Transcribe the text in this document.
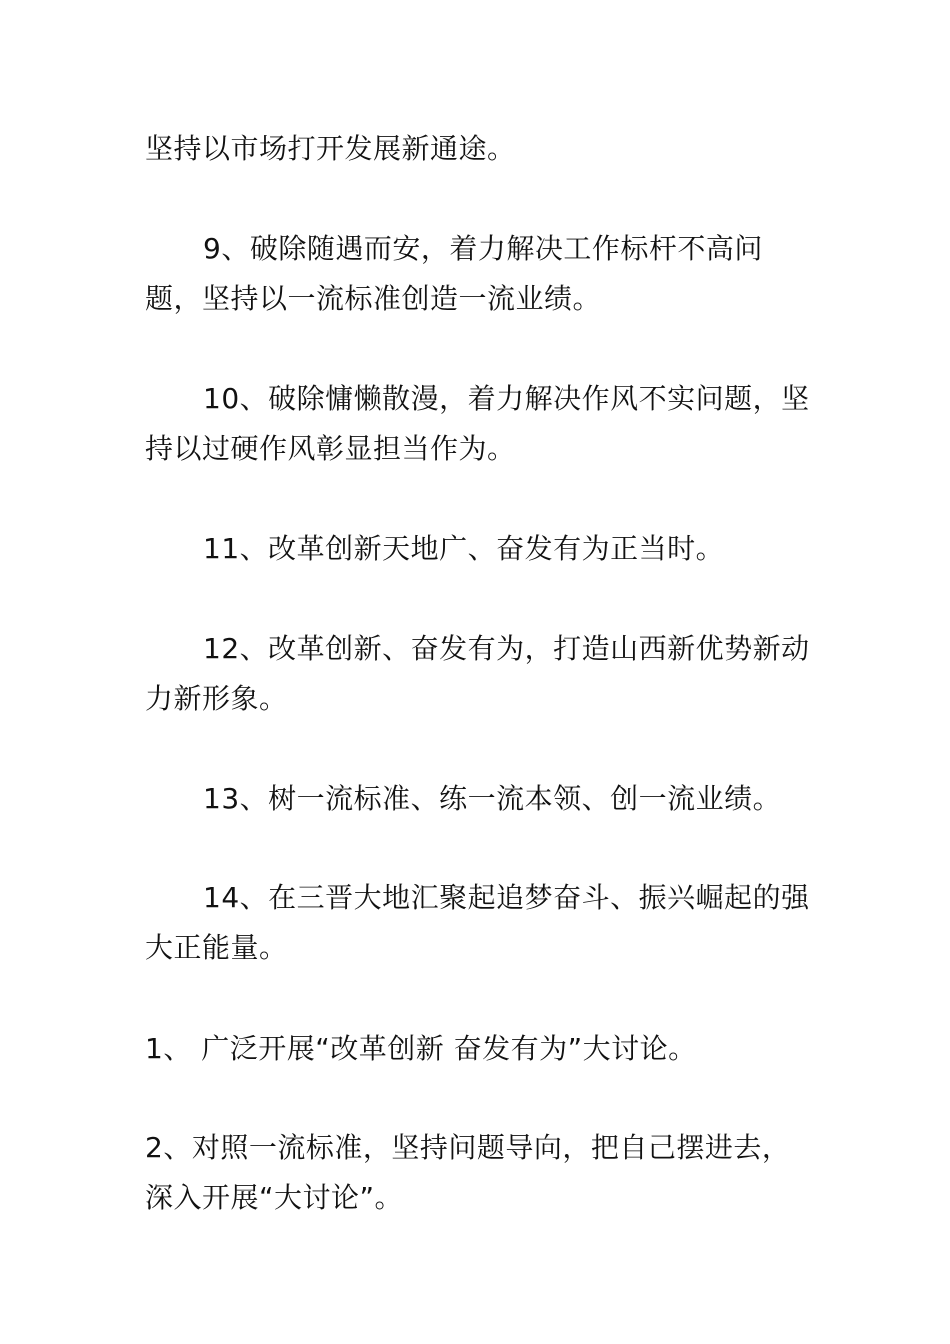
坚持以市场打开发展新通途。

9、破除随遇而安，着力解决工作标杆不高问题，坚持以一流标准创造一流业绩。

10、破除慵懒散漫，着力解决作风不实问题，坚持以过硬作风彰显担当作为。

11、改革创新天地广、奋发有为正当时。

12、改革创新、奋发有为，打造山西新优势新动力新形象。

13、树一流标准、练一流本领、创一流业绩。

14、在三晋大地汇聚起追梦奋斗、振兴崛起的强大正能量。

1、 广泛开展“改革创新 奋发有为”大讨论。

2、对照一流标准，坚持问题导向，把自己摆进去，深入开展“大讨论”。
